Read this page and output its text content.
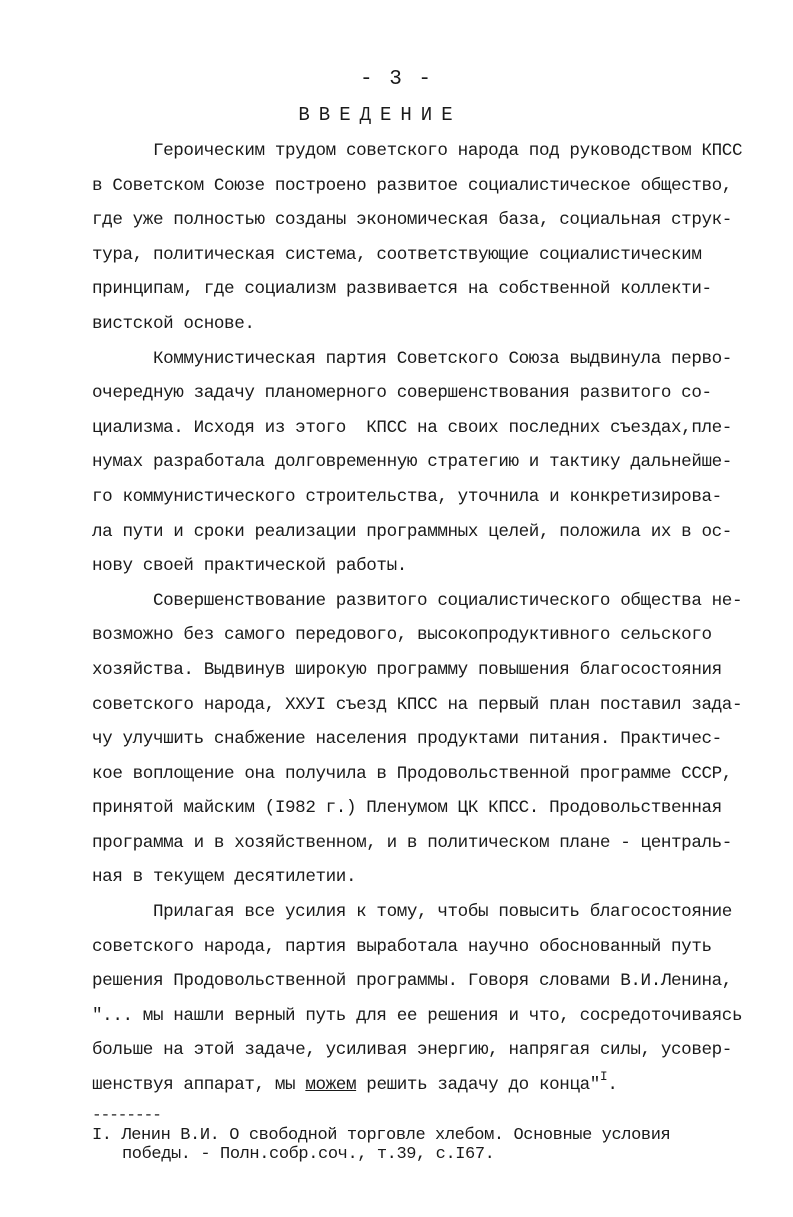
- 3 -
ВВЕДЕНИЕ
Героическим трудом советского народа под руководством КПСС
в Советском Союзе построено развитое социалистическое общество,
где уже полностью созданы экономическая база, социальная струк-
тура, политическая система, соответствующие социалистическим
принципам, где социализм развивается на собственной коллекти-
вистской основе.
Коммунистическая партия Советского Союза выдвинула перво-
очередную задачу планомерного совершенствования развитого со-
циализма. Исходя из этого  КПСС на своих последних съездах,пле-
нумах разработала долговременную стратегию и тактику дальнейше-
го коммунистического строительства, уточнила и конкретизирова-
ла пути и сроки реализации программных целей, положила их в ос-
нову своей практической работы.
Совершенствование развитого социалистического общества не-
возможно без самого передового, высокопродуктивного сельского
хозяйства. Выдвинув широкую программу повышения благосостояния
советского народа, ХХУI съезд КПСС на первый план поставил зада-
чу улучшить снабжение населения продуктами питания. Практичес-
кое воплощение она получила в Продовольственной программе СССР,
принятой майским (I982 г.) Пленумом ЦК КПСС. Продовольственная
программа и в хозяйственном, и в политическом плане - централь-
ная в текущем десятилетии.
Прилагая все усилия к тому, чтобы повысить благосостояние
советского народа, партия выработала научно обоснованный путь
решения Продовольственной программы. Говоря словами В.И.Ленина,
"... мы нашли верный путь для ее решения и что, сосредоточиваясь
больше на этой задаче, усиливая энергию, напрягая силы, усовер-
шенствуя аппарат, мы можем решить задачу до конца"$^I$.
--------
I. Ленин В.И. О свободной торговле хлебом. Основные условия
победы. - Полн.собр.соч., т.39, с.I67.
